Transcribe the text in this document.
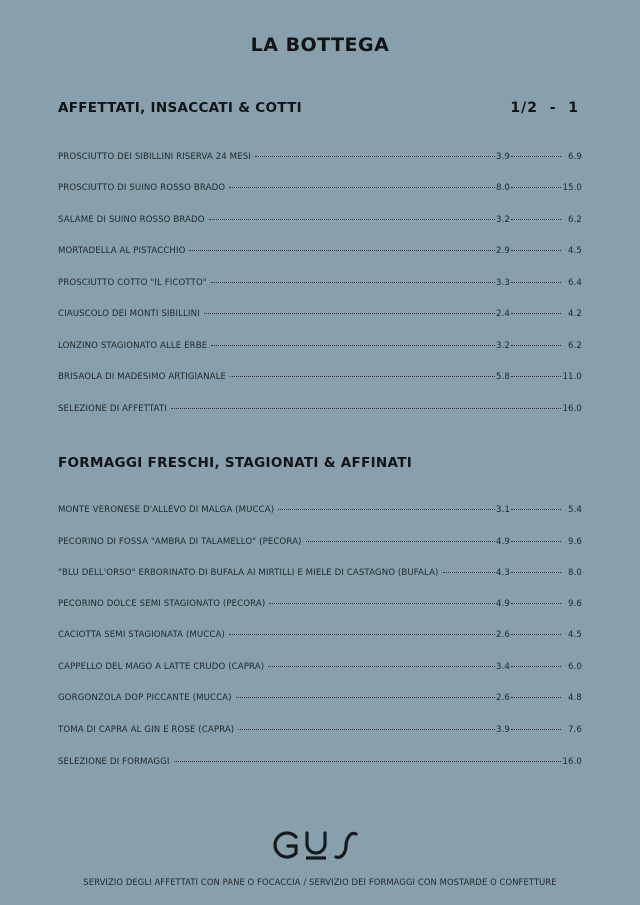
LA BOTTEGA
AFFETTATI, INSACCATI & COTTI	1/2  -  1
PROSCIUTTO DEI SIBILLINI RISERVA 24 MESI	3.9	6.9
PROSCIUTTO DI SUINO ROSSO BRADO	8.0	15.0
SALAME DI SUINO ROSSO BRADO	3.2	6.2
MORTADELLA AL PISTACCHIO	2.9	4.5
PROSCIUTTO COTTO "IL FICOTTO"	3.3	6.4
CIAUSCOLO DEI MONTI SIBILLINI	2.4	4.2
LONZINO STAGIONATO ALLE ERBE	3.2	6.2
BRISAOLA DI MADESIMO ARTIGIANALE	5.8	11.0
SELEZIONE DI AFFETTATI	16.0
FORMAGGI FRESCHI, STAGIONATI & AFFINATI
MONTE VERONESE D'ALLEVO DI MALGA (MUCCA)	3.1	5.4
PECORINO DI FOSSA "AMBRA DI TALAMELLO" (PECORA)	4.9	9.6
"BLU DELL'ORSO" ERBORINATO DI BUFALA AI MIRTILLI E MIELE DI CASTAGNO (BUFALA)	4.3	8.0
PECORINO DOLCE SEMI STAGIONATO (PECORA)	4.9	9.6
CACIOTTA SEMI STAGIONATA (MUCCA)	2.6	4.5
CAPPELLO DEL MAGO A LATTE CRUDO (CAPRA)	3.4	6.0
GORGONZOLA DOP PICCANTE (MUCCA)	2.6	4.8
TOMA DI CAPRA AL GIN E ROSE (CAPRA)	3.9	7.6
SELEZIONE DI FORMAGGI	16.0
SERVIZIO DEGLI AFFETTATI CON PANE O FOCACCIA / SERVIZIO DEI FORMAGGI CON MOSTARDE O CONFETTURE
